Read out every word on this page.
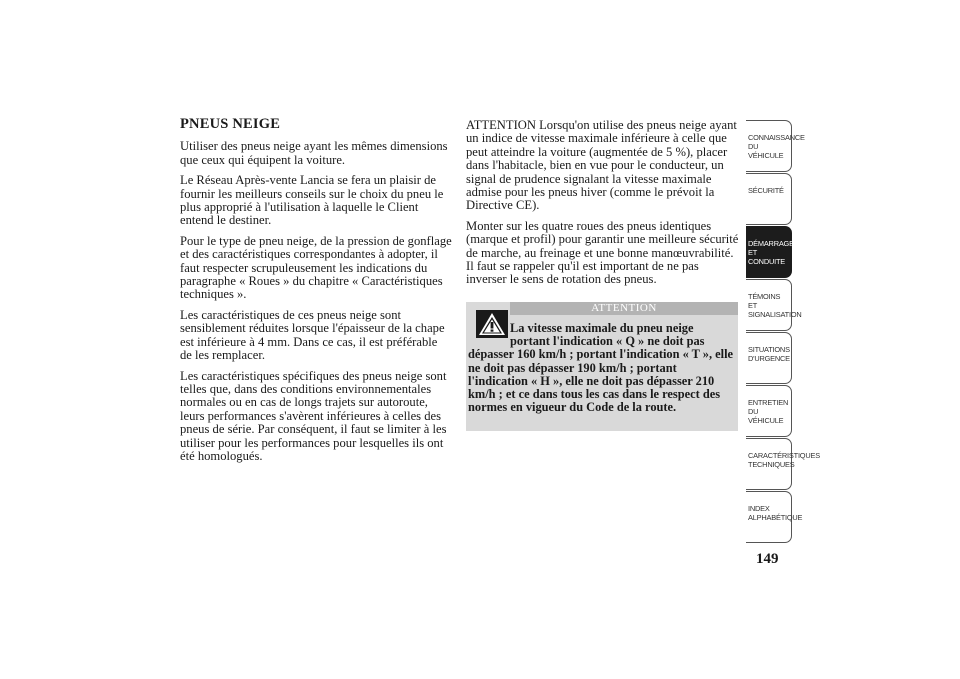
PNEUS NEIGE

Utiliser des pneus neige ayant les mêmes dimensions que ceux qui équipent la voiture.

Le Réseau Après-vente Lancia se fera un plaisir de fournir les meilleurs conseils sur le choix du pneu le plus approprié à l'utilisation à laquelle le Client entend le destiner.

Pour le type de pneu neige, de la pression de gonflage et des caractéristiques correspondantes à adopter, il faut respecter scrupuleusement les indications du paragraphe « Roues » du chapitre « Caractéristiques techniques ».

Les caractéristiques de ces pneus neige sont sensiblement réduites lorsque l'épaisseur de la chape est inférieure à 4 mm. Dans ce cas, il est préférable de les remplacer.

Les caractéristiques spécifiques des pneus neige sont telles que, dans des conditions environnementales normales ou en cas de longs trajets sur autoroute, leurs performances s'avèrent inférieures à celles des pneus de série. Par conséquent, il faut se limiter à les utiliser pour les performances pour lesquelles ils ont été homologués.

ATTENTION Lorsqu'on utilise des pneus neige ayant un indice de vitesse maximale inférieure à celle que peut atteindre la voiture (augmentée de 5 %), placer dans l'habitacle, bien en vue pour le conducteur, un signal de prudence signalant la vitesse maximale admise pour les pneus hiver (comme le prévoit la Directive CE).

Monter sur les quatre roues des pneus identiques (marque et profil) pour garantir une meilleure sécurité de marche, au freinage et une bonne manœuvrabilité. Il faut se rappeler qu'il est important de ne pas inverser le sens de rotation des pneus.

ATTENTION
La vitesse maximale du pneu neige portant l'indication « Q » ne doit pas
dépasser 160 km/h ; portant l'indication « T », elle ne doit pas dépasser 190 km/h ; portant l'indication « H », elle ne doit pas dépasser 210 km/h ; et ce dans tous les cas dans le respect des normes en vigueur du Code de la route.
CONNAISSANCE DU VÉHICULE
SÉCURITÉ
DÉMARRAGE ET CONDUITE
TÉMOINS ET SIGNALISATION
SITUATIONS D'URGENCE
ENTRETIEN DU VÉHICULE
CARACTÉRISTIQUES TECHNIQUES
INDEX ALPHABÉTIQUE
149
